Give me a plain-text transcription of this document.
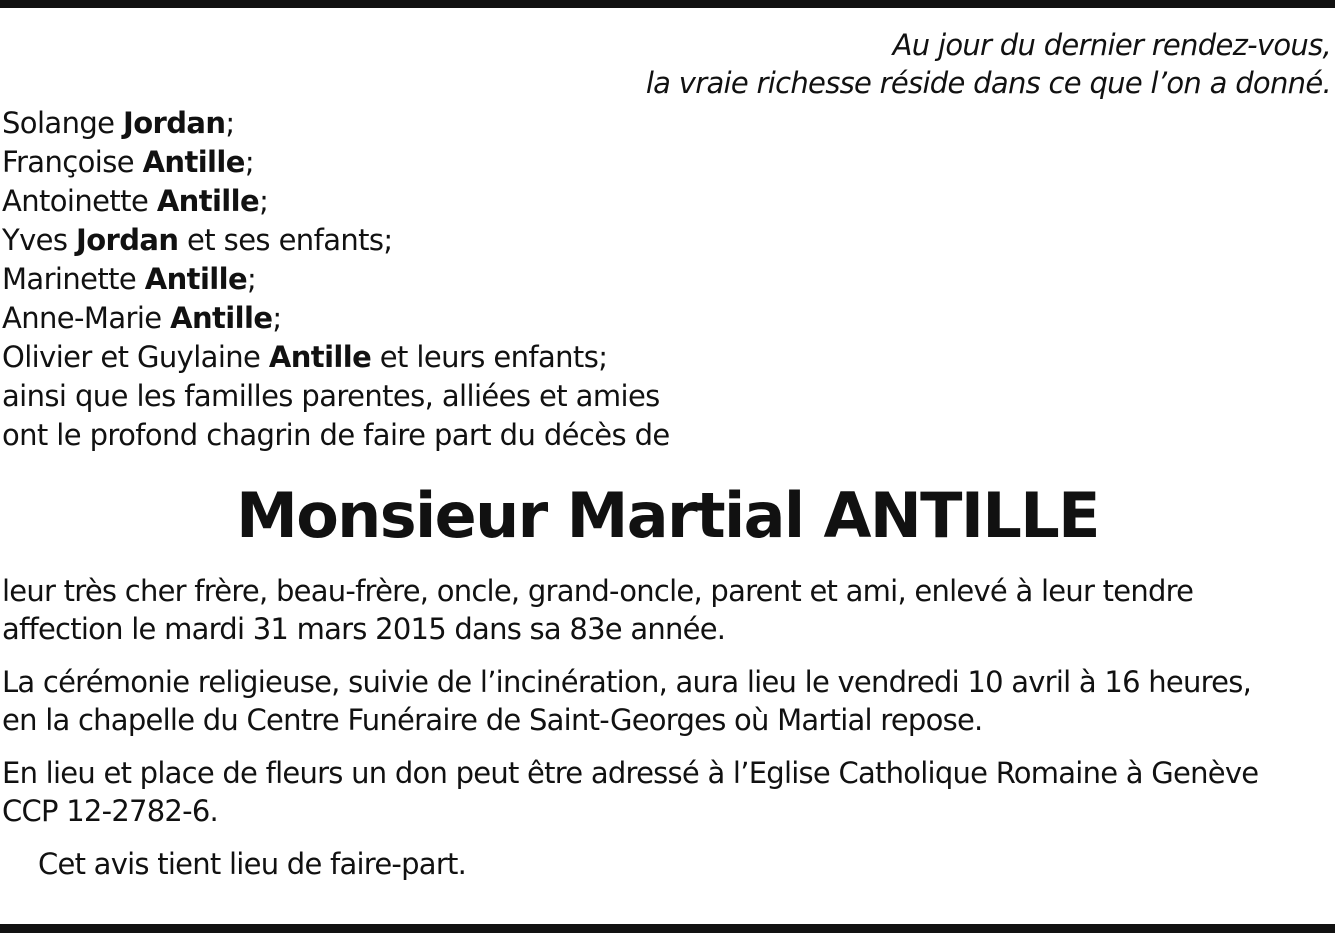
Au jour du dernier rendez-vous,
la vraie richesse réside dans ce que l’on a donné.
Solange Jordan;
Françoise Antille;
Antoinette Antille;
Yves Jordan et ses enfants;
Marinette Antille;
Anne-Marie Antille;
Olivier et Guylaine Antille et leurs enfants;
ainsi que les familles parentes, alliées et amies
ont le profond chagrin de faire part du décès de
Monsieur Martial ANTILLE
leur très cher frère, beau-frère, oncle, grand-oncle, parent et ami, enlevé à leur tendre
affection le mardi 31 mars 2015 dans sa 83e année.
La cérémonie religieuse, suivie de l’incinération, aura lieu le vendredi 10 avril à 16 heures,
en la chapelle du Centre Funéraire de Saint-Georges où Martial repose.
En lieu et place de fleurs un don peut être adressé à l’Eglise Catholique Romaine à Genève
CCP 12-2782-6.
Cet avis tient lieu de faire-part.
